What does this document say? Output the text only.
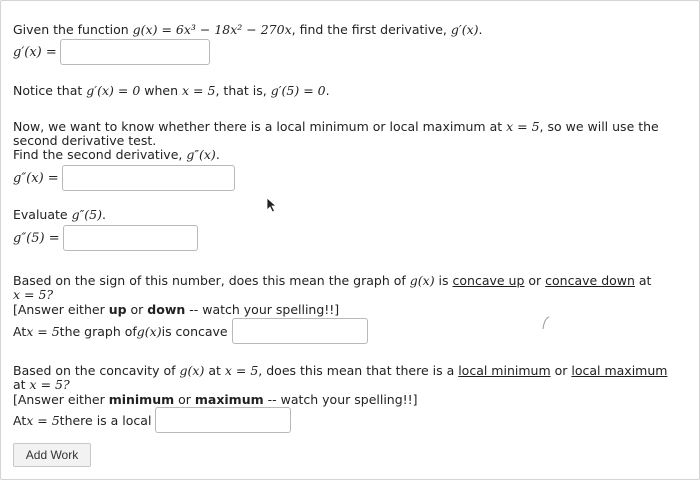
Given the function g(x) = 6x³ − 18x² − 270x, find the first derivative, g′(x).
g′(x) =
Notice that g′(x) = 0 when x = 5, that is, g′(5) = 0.
Now, we want to know whether there is a local minimum or local maximum at x = 5, so we will use the
second derivative test.
Find the second derivative, g″(x).
g″(x) =
Evaluate g″(5).
g″(5) =
Based on the sign of this number, does this mean the graph of g(x) is concave up or concave down at
x = 5?
[Answer either up or down -- watch your spelling!!]
At x = 5 the graph of g(x) is concave
Based on the concavity of g(x) at x = 5, does this mean that there is a local minimum or local maximum
at x = 5?
[Answer either minimum or maximum -- watch your spelling!!]
At x = 5 there is a local
Add Work
